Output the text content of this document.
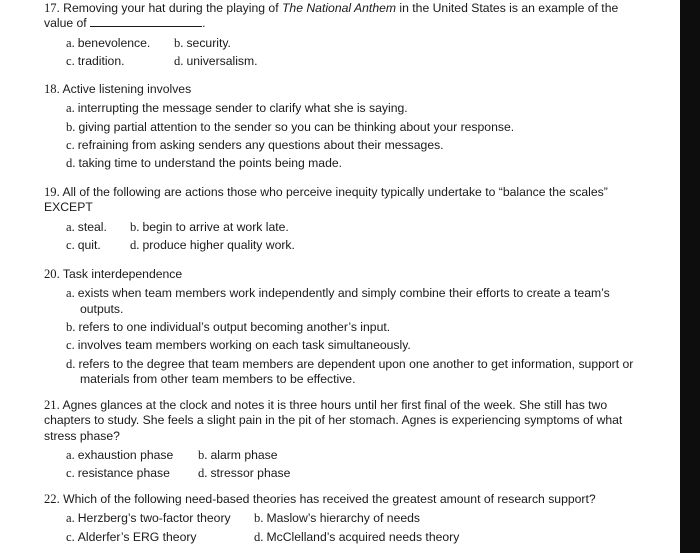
17. Removing your hat during the playing of The National Anthem in the United States is an example of the value of	.

a. benevolence.	b. security.
c. tradition.	d. universalism.

18. Active listening involves

a. interrupting the message sender to clarify what she is saying.
b. giving partial attention to the sender so you can be thinking about your response.
c. refraining from asking senders any questions about their messages.
d. taking time to understand the points being made.

19. All of the following are actions those who perceive inequity typically undertake to “balance the scales” EXCEPT

a. steal.	b. begin to arrive at work late.
c. quit.	d. produce higher quality work.

20. Task interdependence

a. exists when team members work independently and simply combine their efforts to create a team’s outputs.
b. refers to one individual’s output becoming another’s input.
c. involves team members working on each task simultaneously.
d. refers to the degree that team members are dependent upon one another to get information, support or materials from other team members to be effective.

21. Agnes glances at the clock and notes it is three hours until her first final of the week. She still has two chapters to study. She feels a slight pain in the pit of her stomach. Agnes is experiencing symptoms of what stress phase?

a. exhaustion phase	b. alarm phase
c. resistance phase	d. stressor phase

22. Which of the following need-based theories has received the greatest amount of research support?

a. Herzberg’s two-factor theory	b. Maslow’s hierarchy of needs
c. Alderfer’s ERG theory	d. McClelland’s acquired needs theory
